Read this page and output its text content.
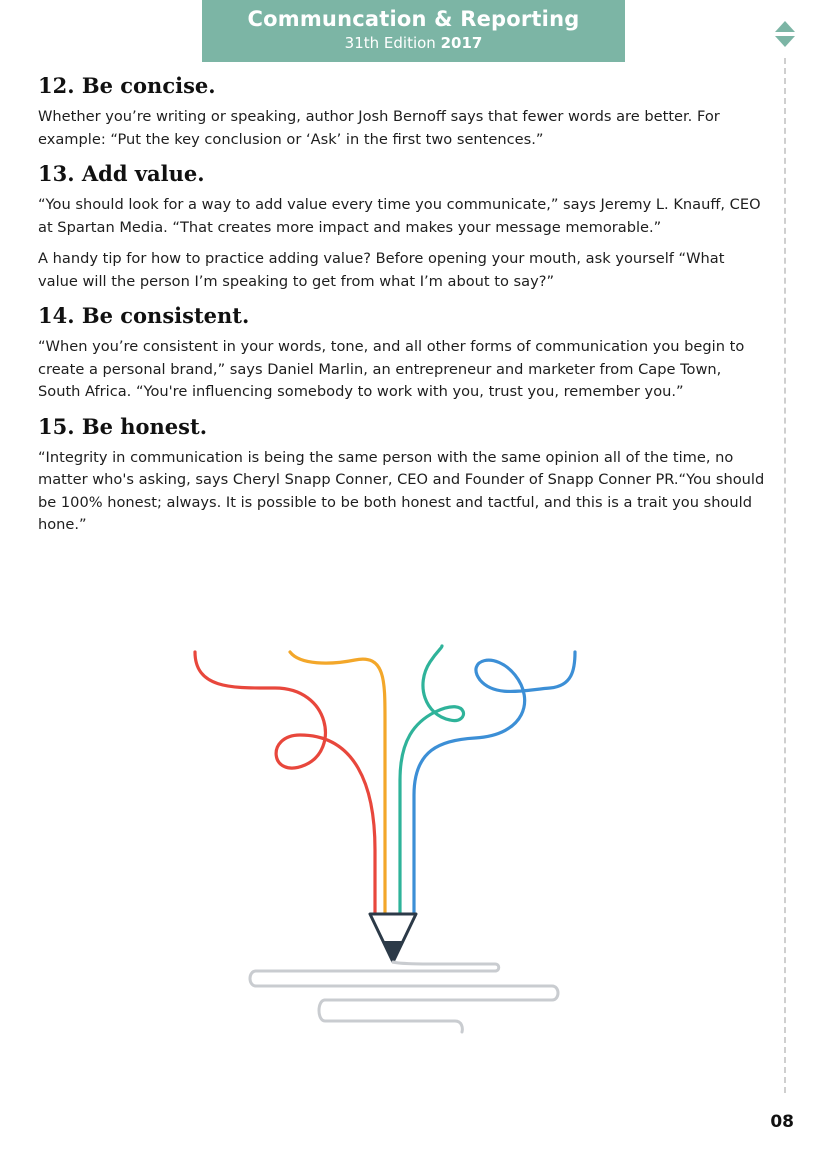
Communcation & Reporting
31th Edition 2017
12. Be concise.

Whether you’re writing or speaking, author Josh Bernoff says that fewer words are better. For example: “Put the key conclusion or ‘Ask’ in the first two sentences.”

13. Add value.

“You should look for a way to add value every time you communicate,” says Jeremy L. Knauff, CEO at Spartan Media. “That creates more impact and makes your message memorable.”

A handy tip for how to practice adding value? Before opening your mouth, ask yourself “What value will the person I’m speaking to get from what I’m about to say?”

14. Be consistent.

“When you’re consistent in your words, tone, and all other forms of communication you begin to create a personal brand,” says Daniel Marlin, an entrepreneur and marketer from Cape Town, South Africa. “You're influencing somebody to work with you, trust you, remember you.”

15. Be honest.

“Integrity in communication is being the same person with the same opinion all of the time, no matter who's asking, says Cheryl Snapp Conner, CEO and Founder of Snapp Conner PR.“You should be 100% honest; always. It is possible to be both honest and tactful, and this is a trait you should hone.”

08
